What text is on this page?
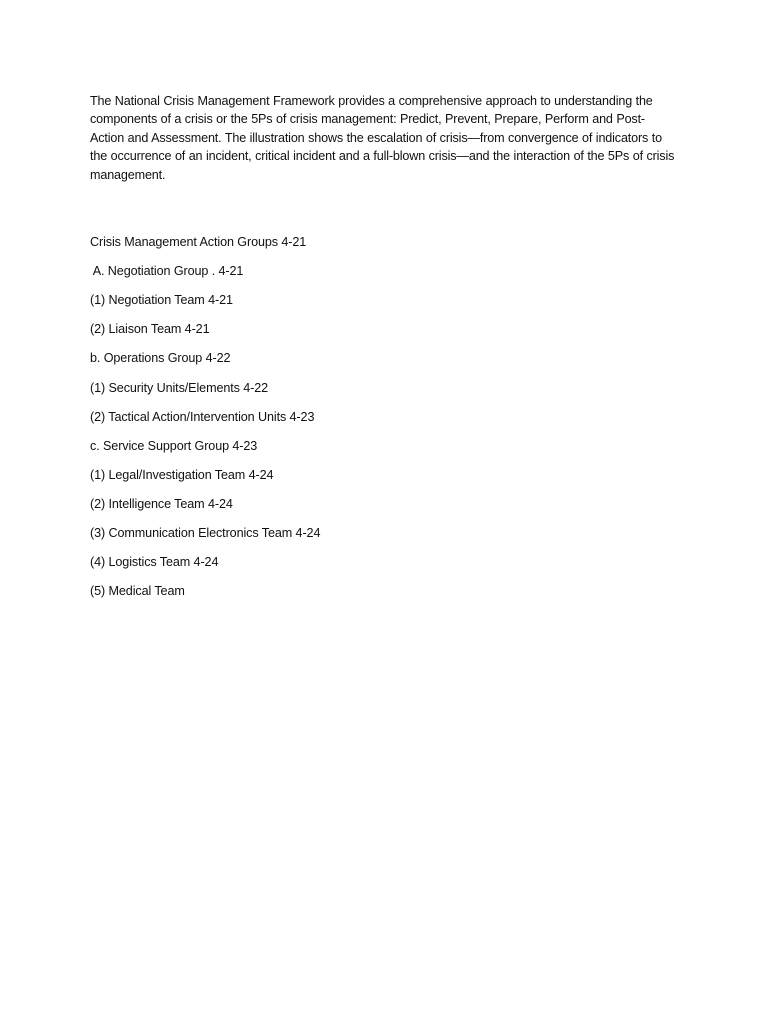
The National Crisis Management Framework provides a comprehensive approach to understanding the components of a crisis or the 5Ps of crisis management: Predict, Prevent, Prepare, Perform and Post-Action and Assessment. The illustration shows the escalation of crisis—from convergence of indicators to the occurrence of an incident, critical incident and a full-blown crisis—and the interaction of the 5Ps of crisis management.

Crisis Management Action Groups 4-21
A. Negotiation Group . 4-21
(1) Negotiation Team 4-21
(2) Liaison Team 4-21
b. Operations Group 4-22
(1) Security Units/Elements 4-22
(2) Tactical Action/Intervention Units 4-23
c. Service Support Group 4-23
(1) Legal/Investigation Team 4-24
(2) Intelligence Team 4-24
(3) Communication Electronics Team 4-24
(4) Logistics Team 4-24
(5) Medical Team
